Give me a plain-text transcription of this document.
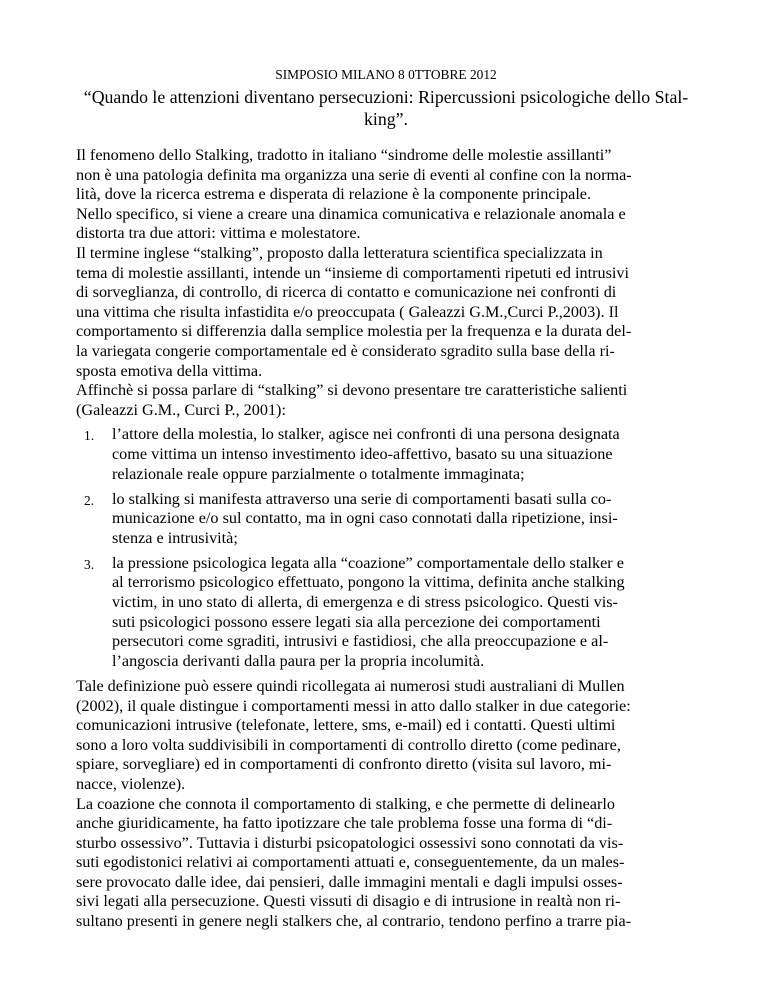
SIMPOSIO MILANO 8 0TTOBRE 2012
“Quando le attenzioni diventano persecuzioni: Ripercussioni psicologiche dello Stal-
king”.
Il fenomeno dello Stalking, tradotto in italiano “sindrome delle molestie assillanti”
non è una patologia definita ma organizza una serie di eventi al confine con la norma-
lità, dove la ricerca estrema e disperata di relazione è la componente principale.
Nello specifico, si viene a creare una dinamica comunicativa e relazionale anomala e
distorta tra due attori: vittima e molestatore.
Il termine inglese “stalking”, proposto dalla letteratura scientifica specializzata in
tema di molestie assillanti, intende un “insieme di comportamenti ripetuti ed intrusivi
di sorveglianza, di controllo, di ricerca di contatto e comunicazione nei confronti di
una vittima che risulta infastidita e/o preoccupata ( Galeazzi G.M.,Curci P.,2003). Il
comportamento si differenzia dalla semplice molestia per la frequenza e la durata del-
la variegata congerie comportamentale ed è considerato sgradito sulla base della ri-
sposta emotiva della vittima.
Affinchè si possa parlare di “stalking” si devono presentare tre caratteristiche salienti
(Galeazzi G.M., Curci P., 2001):
1. l’attore della molestia, lo stalker, agisce nei confronti di una persona designata
come vittima un intenso investimento ideo-affettivo, basato su una situazione
relazionale reale oppure parzialmente o totalmente immaginata;
2. lo stalking si manifesta attraverso una serie di comportamenti basati sulla co-
municazione e/o sul contatto, ma in ogni caso connotati dalla ripetizione, insi-
stenza e intrusività;
3. la pressione psicologica legata alla “coazione” comportamentale dello stalker e
al terrorismo psicologico effettuato, pongono la vittima, definita anche stalking
victim, in uno stato di allerta, di emergenza e di stress psicologico. Questi vis-
suti psicologici possono essere legati sia alla percezione dei comportamenti
persecutori come sgraditi, intrusivi e fastidiosi, che alla preoccupazione e al-
l’angoscia derivanti dalla paura per la propria incolumità.
Tale definizione può essere quindi ricollegata ai numerosi studi australiani di Mullen
(2002), il quale distingue i comportamenti messi in atto dallo stalker in due categorie:
comunicazioni intrusive (telefonate, lettere, sms, e-mail) ed i contatti. Questi ultimi
sono a loro volta suddivisibili in comportamenti di controllo diretto (come pedinare,
spiare, sorvegliare) ed in comportamenti di confronto diretto (visita sul lavoro, mi-
nacce, violenze).
La coazione che connota il comportamento di stalking, e che permette di delinearlo
anche giuridicamente, ha fatto ipotizzare che tale problema fosse una forma di “di-
sturbo ossessivo”. Tuttavia i disturbi psicopatologici ossessivi sono connotati da vis-
suti egodistonici relativi ai comportamenti attuati e, conseguentemente, da un males-
sere provocato dalle idee, dai pensieri, dalle immagini mentali e dagli impulsi osses-
sivi legati alla persecuzione. Questi vissuti di disagio e di intrusione in realtà non ri-
sultano presenti in genere negli stalkers che, al contrario, tendono perfino a trarre pia-
